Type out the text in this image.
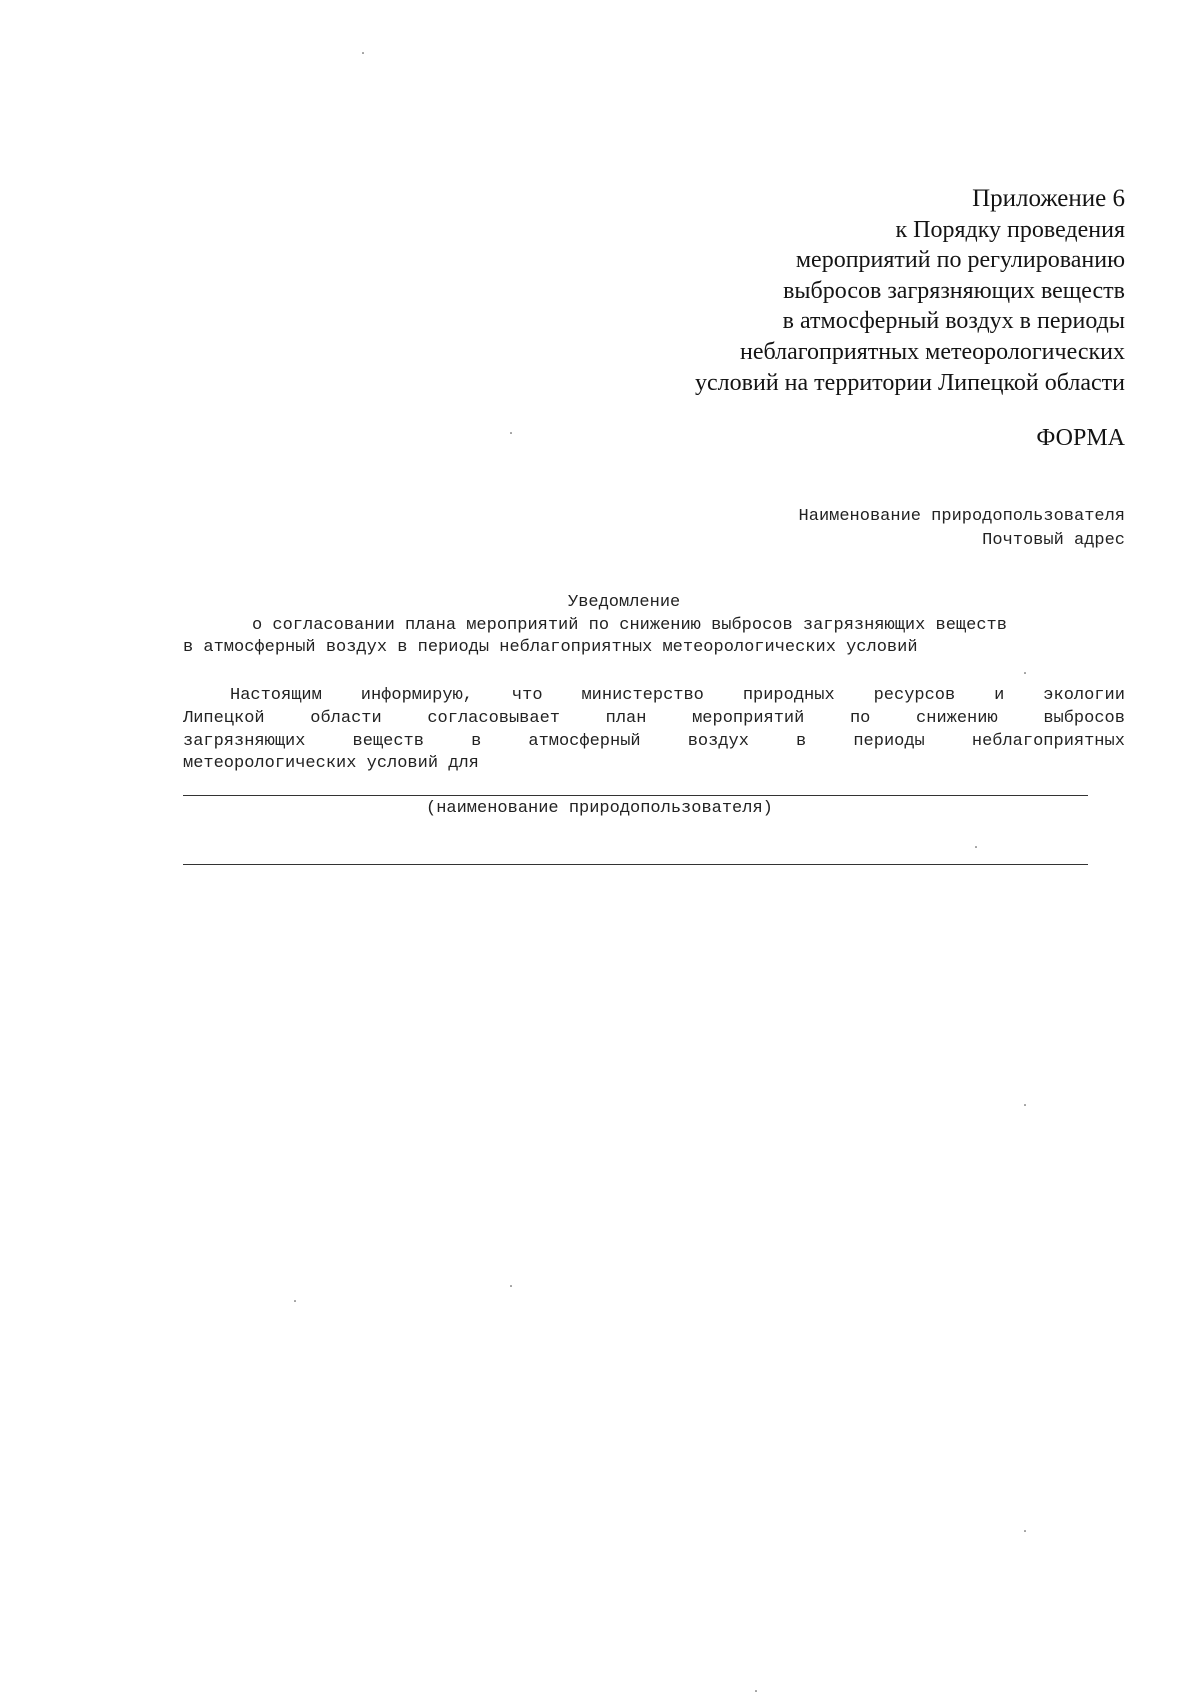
Приложение 6
к Порядку проведения
мероприятий по регулированию
выбросов загрязняющих веществ
в атмосферный воздух в периоды
неблагоприятных метеорологических
условий на территории Липецкой области
ФОРМА
Наименование природопользователя
Почтовый адрес
Уведомление
о согласовании плана мероприятий по снижению выбросов загрязняющих веществ
в атмосферный воздух в периоды неблагоприятных метеорологических условий
Настоящим информирую, что министерство природных ресурсов и экологии
Липецкой	области	согласовывает	план	мероприятий	по	снижению	выбросов
загрязняющих	веществ	в	атмосферный	воздух	в	периоды	неблагоприятных
метеорологических условий для
(наименование природопользователя)
